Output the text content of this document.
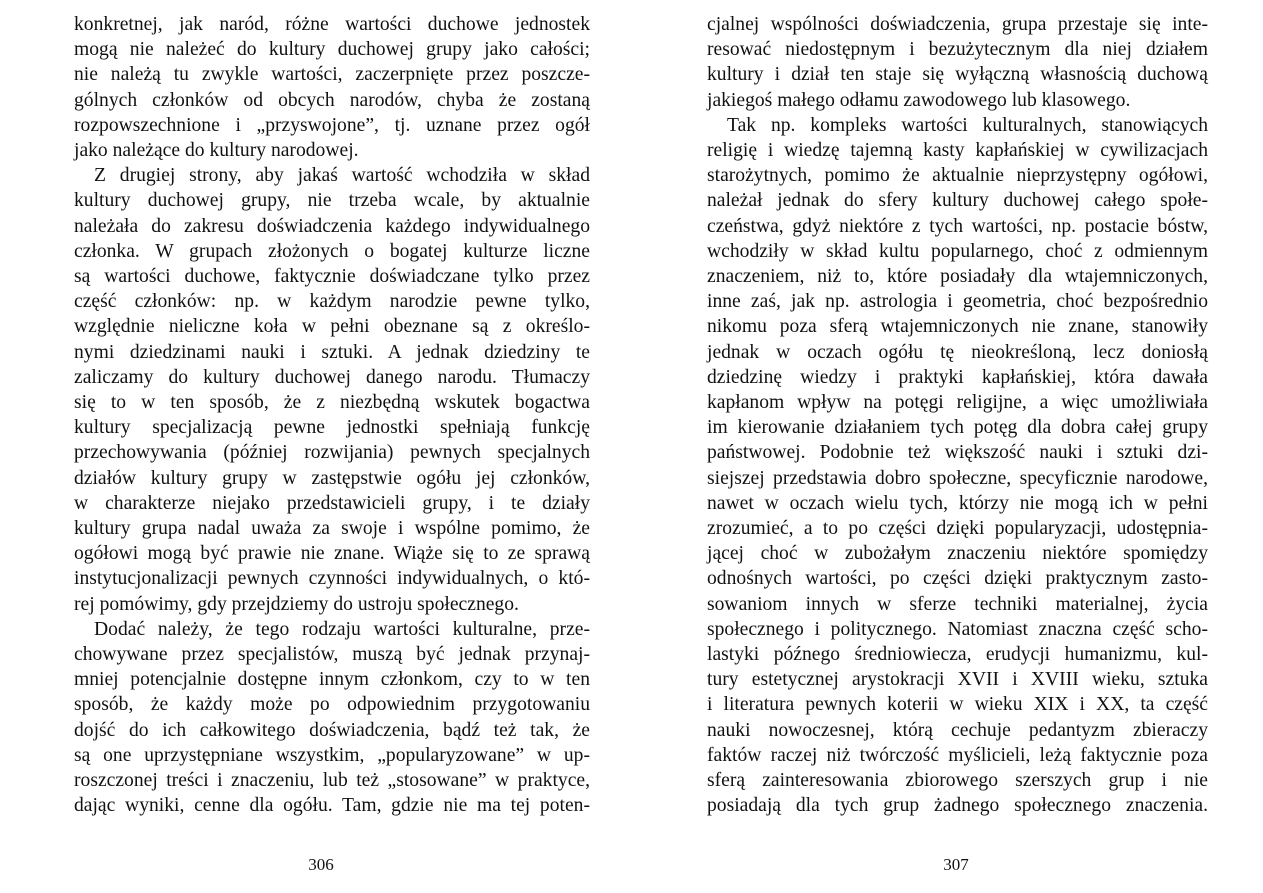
konkretnej, jak naród, różne wartości duchowe jednostek
mogą nie należeć do kultury duchowej grupy jako całości;
nie należą tu zwykle wartości, zaczerpnięte przez poszcze-
gólnych członków od obcych narodów, chyba że zostaną
rozpowszechnione i „przyswojone”, tj. uznane przez ogół
jako należące do kultury narodowej.
Z drugiej strony, aby jakaś wartość wchodziła w skład
kultury duchowej grupy, nie trzeba wcale, by aktualnie
należała do zakresu doświadczenia każdego indywidualnego
członka. W grupach złożonych o bogatej kulturze liczne
są wartości duchowe, faktycznie doświadczane tylko przez
część członków: np. w każdym narodzie pewne tylko,
względnie nieliczne koła w pełni obeznane są z określo-
nymi dziedzinami nauki i sztuki. A jednak dziedziny te
zaliczamy do kultury duchowej danego narodu. Tłumaczy
się to w ten sposób, że z niezbędną wskutek bogactwa
kultury specjalizacją pewne jednostki spełniają funkcję
przechowywania (później rozwijania) pewnych specjalnych
działów kultury grupy w zastępstwie ogółu jej członków,
w charakterze niejako przedstawicieli grupy, i te działy
kultury grupa nadal uważa za swoje i wspólne pomimo, że
ogółowi mogą być prawie nie znane. Wiąże się to ze sprawą
instytucjonalizacji pewnych czynności indywidualnych, o któ-
rej pomówimy, gdy przejdziemy do ustroju społecznego.
Dodać należy, że tego rodzaju wartości kulturalne, prze-
chowywane przez specjalistów, muszą być jednak przynaj-
mniej potencjalnie dostępne innym członkom, czy to w ten
sposób, że każdy może po odpowiednim przygotowaniu
dojść do ich całkowitego doświadczenia, bądź też tak, że
są one uprzystępniane wszystkim, „popularyzowane” w up-
roszczonej treści i znaczeniu, lub też „stosowane” w praktyce,
dając wyniki, cenne dla ogółu. Tam, gdzie nie ma tej poten-
306
cjalnej wspólności doświadczenia, grupa przestaje się inte-
resować niedostępnym i bezużytecznym dla niej działem
kultury i dział ten staje się wyłączną własnością duchową
jakiegoś małego odłamu zawodowego lub klasowego.
Tak np. kompleks wartości kulturalnych, stanowiących
religię i wiedzę tajemną kasty kapłańskiej w cywilizacjach
starożytnych, pomimo że aktualnie nieprzystępny ogółowi,
należał jednak do sfery kultury duchowej całego społe-
czeństwa, gdyż niektóre z tych wartości, np. postacie bóstw,
wchodziły w skład kultu popularnego, choć z odmiennym
znaczeniem, niż to, które posiadały dla wtajemniczonych,
inne zaś, jak np. astrologia i geometria, choć bezpośrednio
nikomu poza sferą wtajemniczonych nie znane, stanowiły
jednak w oczach ogółu tę nieokreśloną, lecz doniosłą
dziedzinę wiedzy i praktyki kapłańskiej, która dawała
kapłanom wpływ na potęgi religijne, a więc umożliwiała
im kierowanie działaniem tych potęg dla dobra całej grupy
państwowej. Podobnie też większość nauki i sztuki dzi-
siejszej przedstawia dobro społeczne, specyficznie narodowe,
nawet w oczach wielu tych, którzy nie mogą ich w pełni
zrozumieć, a to po części dzięki popularyzacji, udostępnia-
jącej choć w zubożałym znaczeniu niektóre spomiędzy
odnośnych wartości, po części dzięki praktycznym zasto-
sowaniom innych w sferze techniki materialnej, życia
społecznego i politycznego. Natomiast znaczna część scho-
lastyki późnego średniowiecza, erudycji humanizmu, kul-
tury estetycznej arystokracji XVII i XVIII wieku, sztuka
i literatura pewnych koterii w wieku XIX i XX, ta część
nauki nowoczesnej, którą cechuje pedantyzm zbieraczy
faktów raczej niż twórczość myślicieli, leżą faktycznie poza
sferą zainteresowania zbiorowego szerszych grup i nie
posiadają dla tych grup żadnego społecznego znaczenia.
307
